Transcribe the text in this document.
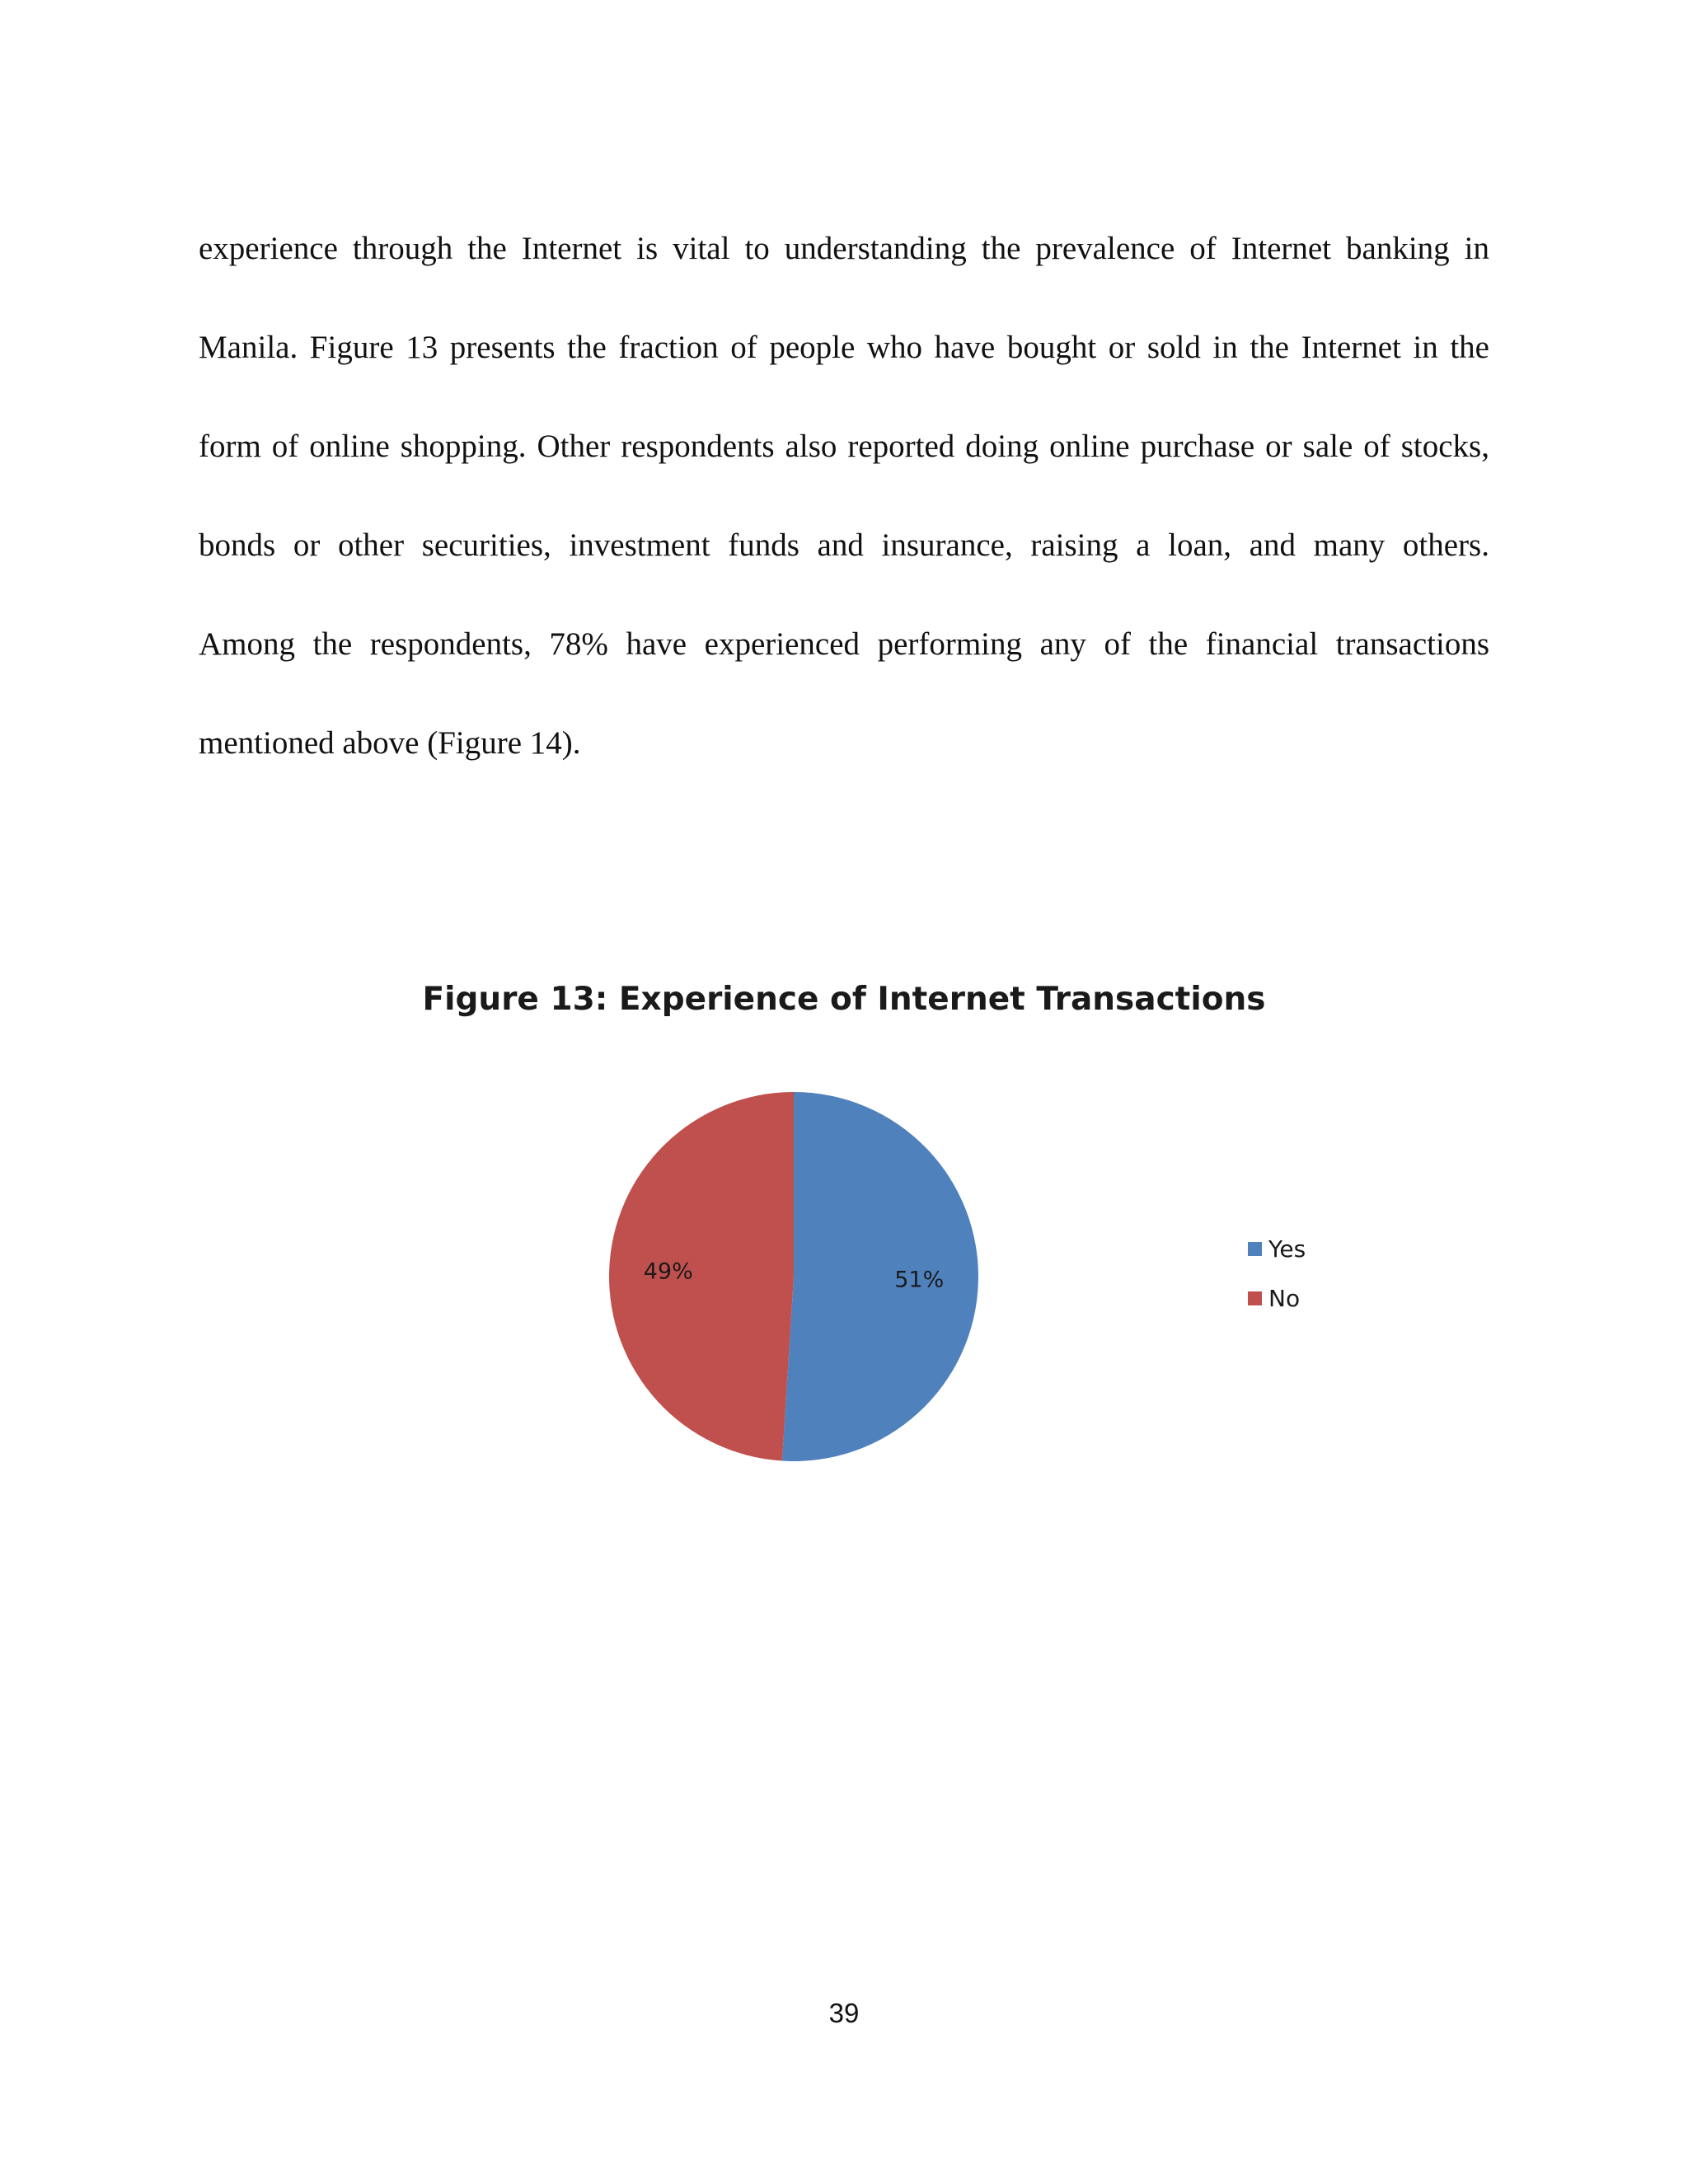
experience through the Internet is vital to understanding the prevalence of Internet banking in
Manila. Figure 13 presents the fraction of people who have bought or sold in the Internet in the
form of online shopping. Other respondents also reported doing online purchase or sale of stocks,
bonds or other securities, investment funds and insurance, raising a loan, and many others.
Among the respondents, 78% have experienced performing any of the financial transactions
mentioned above (Figure 14).
Figure 13: Experience of Internet Transactions
51%
49%
Yes
No
39
